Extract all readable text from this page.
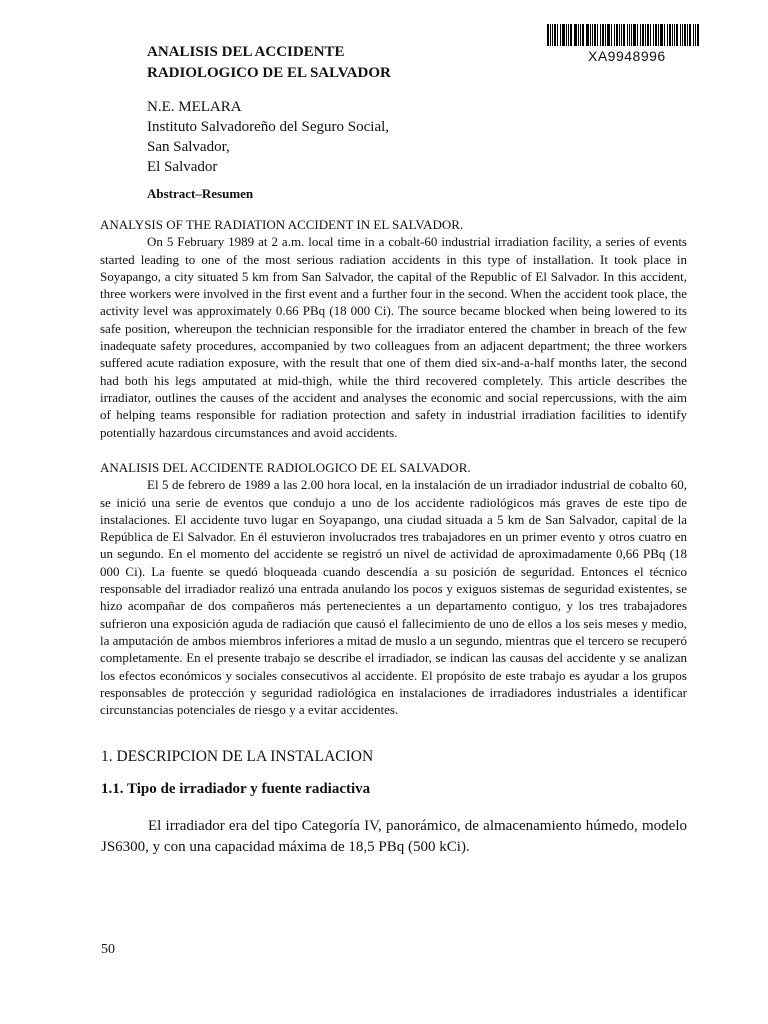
XA9948996
ANALISIS DEL ACCIDENTE
RADIOLOGICO DE EL SALVADOR
N.E. MELARA
Instituto Salvadoreño del Seguro Social,
San Salvador,
El Salvador
Abstract–Resumen

ANALYSIS OF THE RADIATION ACCIDENT IN EL SALVADOR.
On 5 February 1989 at 2 a.m. local time in a cobalt-60 industrial irradiation facility, a series of events started leading to one of the most serious radiation accidents in this type of installation. It took place in Soyapango, a city situated 5 km from San Salvador, the capital of the Republic of El Salvador. In this accident, three workers were involved in the first event and a further four in the second. When the accident took place, the activity level was approximately 0.66 PBq (18 000 Ci). The source became blocked when being lowered to its safe position, whereupon the technician responsible for the irradiator entered the chamber in breach of the few inadequate safety procedures, accompanied by two colleagues from an adjacent department; the three workers suffered acute radiation exposure, with the result that one of them died six-and-a-half months later, the second had both his legs amputated at mid-thigh, while the third recovered completely. This article describes the irradiator, outlines the causes of the accident and analyses the economic and social repercussions, with the aim of helping teams responsible for radiation protection and safety in industrial irradiation facilities to identify potentially hazardous circumstances and avoid accidents.

ANALISIS DEL ACCIDENTE RADIOLOGICO DE EL SALVADOR.
El 5 de febrero de 1989 a las 2.00 hora local, en la instalación de un irradiador industrial de cobalto 60, se inició una serie de eventos que condujo a uno de los accidente radiológicos más graves de este tipo de instalaciones. El accidente tuvo lugar en Soyapango, una ciudad situada a 5 km de San Salvador, capital de la República de El Salvador. En él estuvieron involucrados tres trabajadores en un primer evento y otros cuatro en un segundo. En el momento del accidente se registró un nivel de actividad de aproximadamente 0,66 PBq (18 000 Ci). La fuente se quedó bloqueada cuando descendía a su posición de seguridad. Entonces el técnico responsable del irradiador realizó una entrada anulando los pocos y exiguos sistemas de seguridad existentes, se hizo acompañar de dos compañeros más pertenecientes a un departamento contiguo, y los tres trabajadores sufrieron una exposición aguda de radiación que causó el fallecimiento de uno de ellos a los seis meses y medio, la amputación de ambos miembros inferiores a mitad de muslo a un segundo, mientras que el tercero se recuperó completamente. En el presente trabajo se describe el irradiador, se indican las causas del accidente y se analizan los efectos económicos y sociales consecutivos al accidente. El propósito de este trabajo es ayudar a los grupos responsables de protección y seguridad radiológica en instalaciones de irradiadores industriales a identificar circunstancias potenciales de riesgo y a evitar accidentes.

1. DESCRIPCION DE LA INSTALACION
1.1. Tipo de irradiador y fuente radiactiva

El irradiador era del tipo Categoría IV, panorámico, de almacenamiento húmedo, modelo JS6300, y con una capacidad máxima de 18,5 PBq (500 kCi).

50
